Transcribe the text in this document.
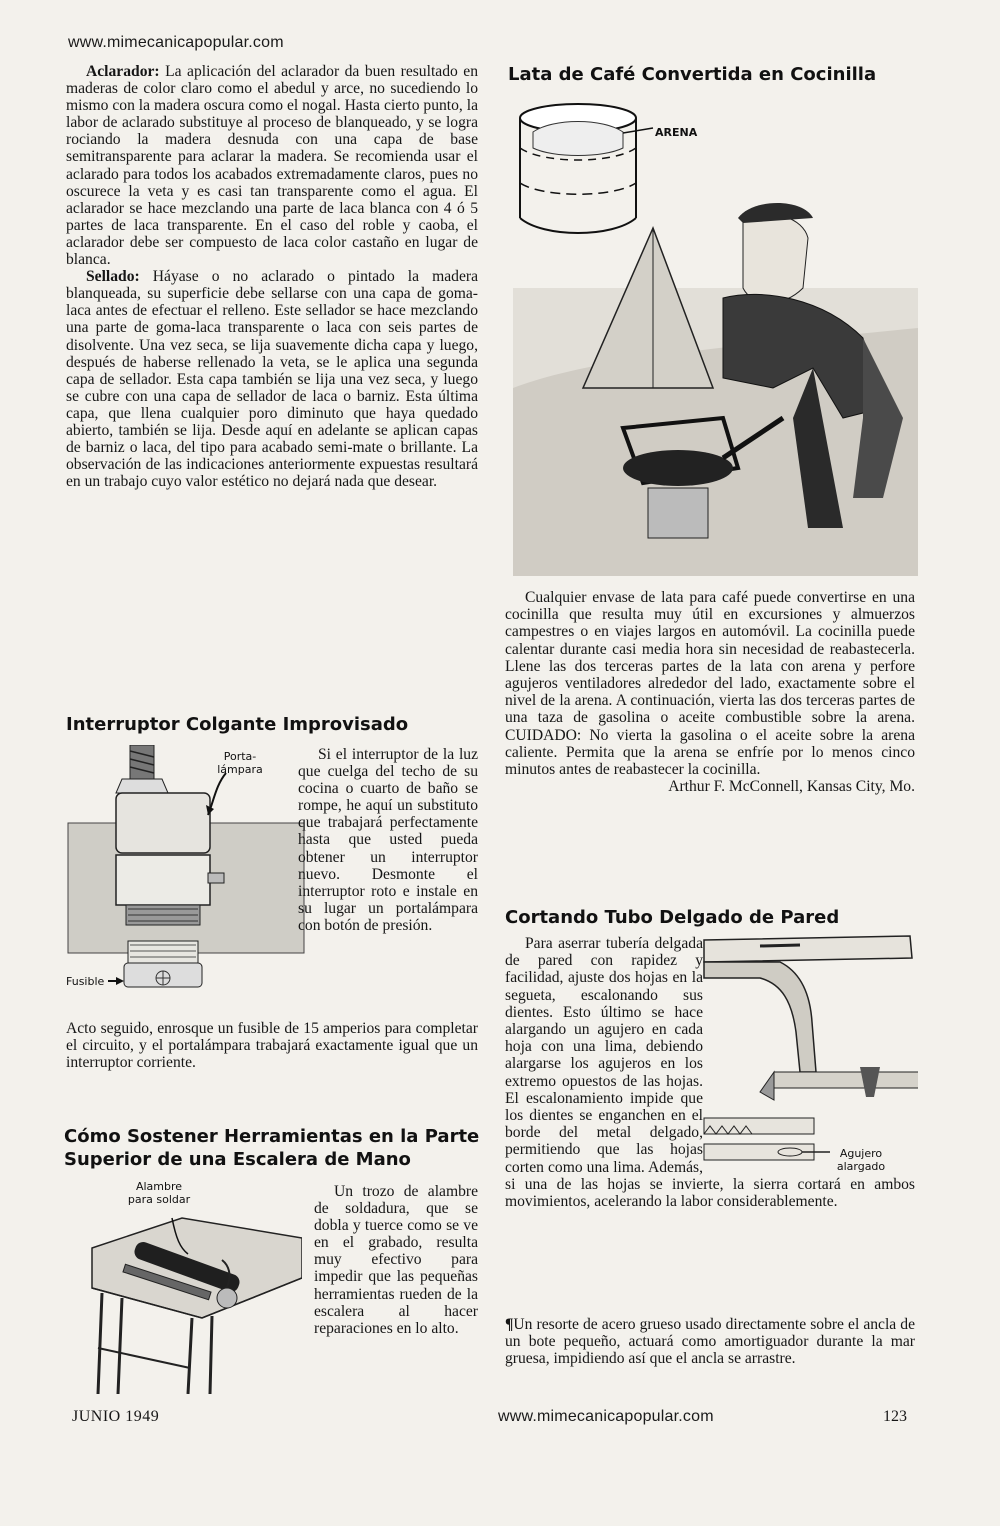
www.mimecanicapopular.com

Aclarador: La aplicación del aclarador da buen resultado en maderas de color claro como el abedul y arce, no sucediendo lo mismo con la madera oscura como el nogal. Hasta cierto punto, la labor de aclarado substituye al proceso de blanqueado, y se logra rociando la madera desnuda con una capa de base semitransparente para aclarar la madera. Se recomienda usar el aclarado para todos los acabados extremadamente claros, pues no oscurece la veta y es casi tan transparente como el agua. El aclarador se hace mezclando una parte de laca blanca con 4 ó 5 partes de laca transparente. En el caso del roble y caoba, el aclarador debe ser compuesto de laca color castaño en lugar de blanca.

Sellado: Háyase o no aclarado o pintado la madera blanqueada, su superficie debe sellarse con una capa de goma-laca antes de efectuar el relleno. Este sellador se hace mezclando una parte de goma-laca transparente o laca con seis partes de disolvente. Una vez seca, se lija suavemente dicha capa y luego, después de haberse rellenado la veta, se le aplica una segunda capa de sellador. Esta capa también se lija una vez seca, y luego se cubre con una capa de sellador de laca o barniz. Esta última capa, que llena cualquier poro diminuto que haya quedado abierto, también se lija. Desde aquí en adelante se aplican capas de barniz o laca, del tipo para acabado semi-mate o brillante. La observación de las indicaciones anteriormente expuestas resultará en un trabajo cuyo valor estético no dejará nada que desear.

Interruptor Colgante Improvisado
Porta-
lámpara
Fusible

Si el interruptor de la luz que cuelga del techo de su cocina o cuarto de baño se rompe, he aquí un substituto que trabajará perfectamente hasta que usted pueda obtener un interruptor nuevo. Desmonte el interruptor roto e instale en su lugar un portalámpara con botón de presión.

Acto seguido, enrosque un fusible de 15 amperios para completar el circuito, y el portalámpara trabajará exactamente igual que un interruptor corriente.

Cómo Sostener Herramientas en la Parte
Superior de una Escalera de Mano
Alambre
para soldar	Un trozo de alambre de soldadura, que se dobla y tuerce como se ve en el grabado, resulta muy efectivo para impedir que las pequeñas herramientas rueden de la escalera al hacer reparaciones en lo alto.

Lata de Café Convertida en Cocinilla
ARENA

Cualquier envase de lata para café puede convertirse en una cocinilla que resulta muy útil en excursiones y almuerzos campestres o en viajes largos en automóvil. La cocinilla puede calentar durante casi media hora sin necesidad de reabastecerla. Llene las dos terceras partes de la lata con arena y perfore agujeros ventiladores alrededor del lado, exactamente sobre el nivel de la arena. A continuación, vierta las dos terceras partes de una taza de gasolina o aceite combustible sobre la arena. CUIDADO: No vierta la gasolina o el aceite sobre la arena caliente. Permita que la arena se enfríe por lo menos cinco minutos antes de reabastecer la cocinilla.

Arthur F. McConnell, Kansas City, Mo.

Cortando Tubo Delgado de Pared

Para aserrar tubería delgada de pared con rapidez y facilidad, ajuste dos hojas en la segueta, escalonando sus dientes. Esto último se hace alargando un agujero en cada hoja con una lima, debiendo alargarse los agujeros en los extremo opuestos de las hojas. El escalonamiento impide que los dientes se enganchen en el borde del metal delgado, permitiendo que las hojas corten como una lima. Además, si una de las hojas se invierte, la sierra cortará en ambos movimientos, acelerando la labor considerablemente.

Agujero
alargado

¶Un resorte de acero grueso usado directamente sobre el ancla de un bote pequeño, actuará como amortiguador durante la mar gruesa, impidiendo así que el ancla se arrastre.

JUNIO 1949	www.mimecanicapopular.com	123
